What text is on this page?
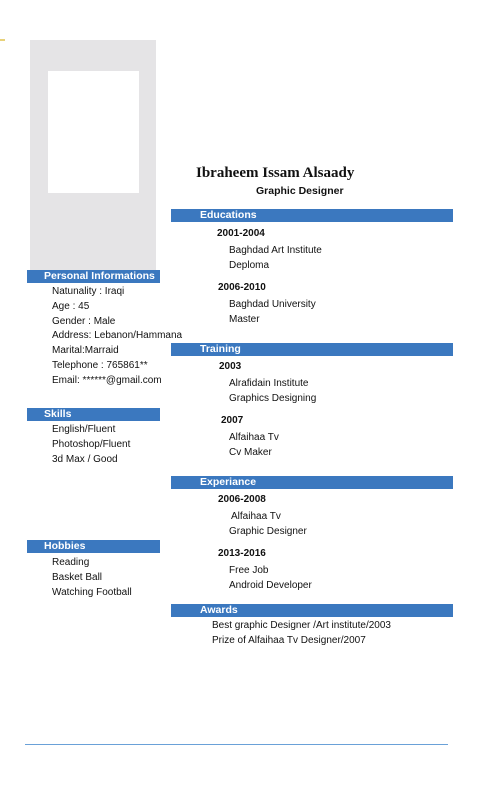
Ibraheem Issam Alsaady
Graphic Designer
Personal Informations
Natunality : Iraqi
Age : 45
Gender : Male
Address: Lebanon/Hammana
Marital:Marraid
Telephone : 765861**
Email: ******@gmail.com
Skills
English/Fluent
Photoshop/Fluent
3d Max / Good
Hobbies
Reading
Basket Ball
Watching Football
Educations
2001-2004
Baghdad Art Institute
Deploma
2006-2010
Baghdad University
Master
Training
2003
Alrafidain Institute
Graphics Designing
2007
Alfaihaa Tv
Cv Maker
Experiance
2006-2008
Alfaihaa Tv
Graphic Designer
2013-2016
Free Job
Android Developer
Awards
Best graphic Designer /Art institute/2003
Prize of Alfaihaa Tv Designer/2007
